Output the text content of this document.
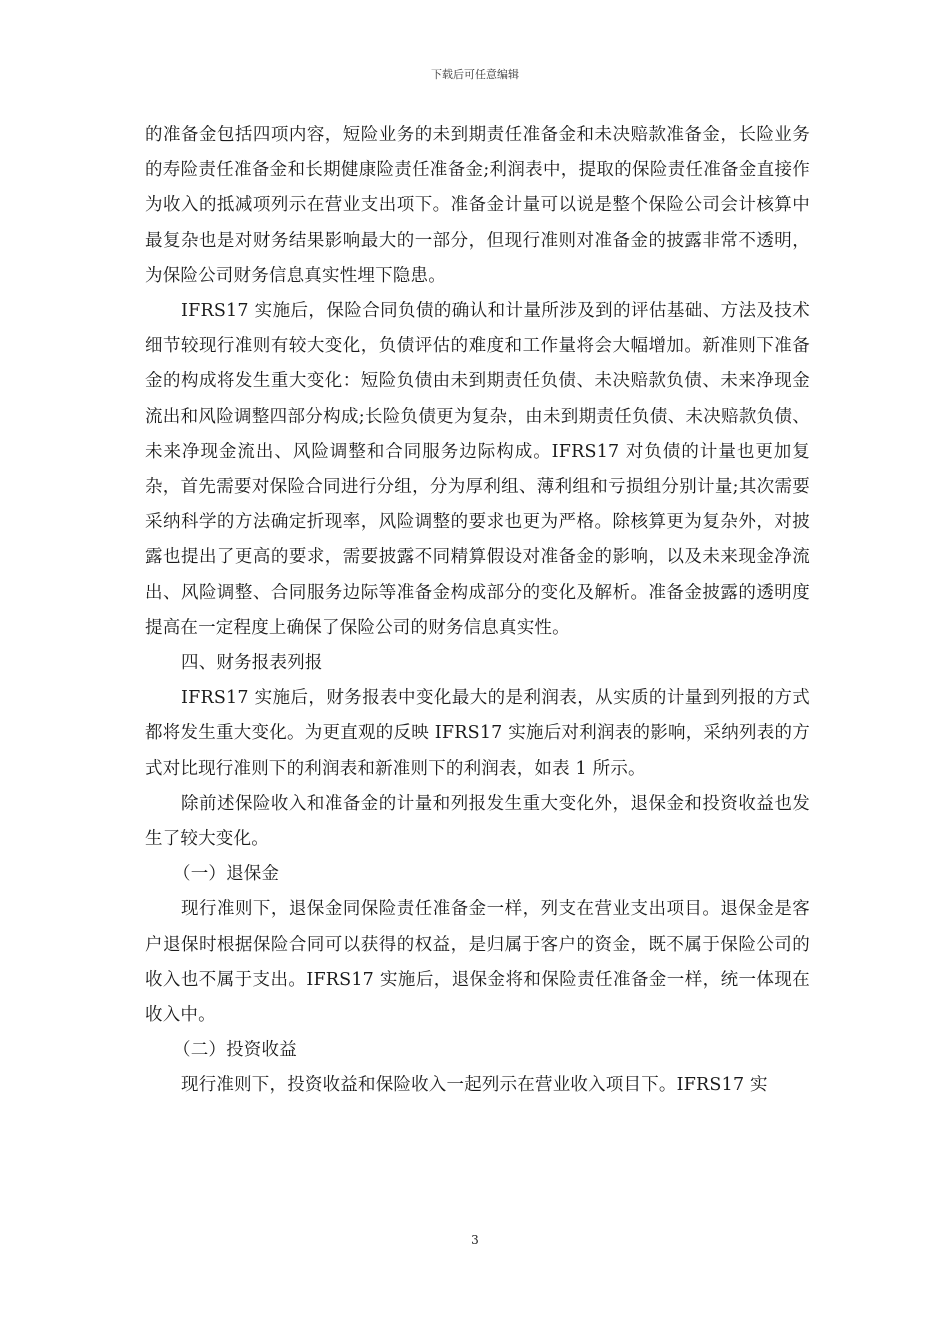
下载后可任意编辑

的准备金包括四项内容，短险业务的未到期责任准备金和未决赔款准备金，长险业务的寿险责任准备金和长期健康险责任准备金;利润表中，提取的保险责任准备金直接作为收入的抵减项列示在营业支出项下。准备金计量可以说是整个保险公司会计核算中最复杂也是对财务结果影响最大的一部分，但现行准则对准备金的披露非常不透明，为保险公司财务信息真实性埋下隐患。

IFRS17 实施后，保险合同负债的确认和计量所涉及到的评估基础、方法及技术细节较现行准则有较大变化，负债评估的难度和工作量将会大幅增加。新准则下准备金的构成将发生重大变化：短险负债由未到期责任负债、未决赔款负债、未来净现金流出和风险调整四部分构成;长险负债更为复杂，由未到期责任负债、未决赔款负债、未来净现金流出、风险调整和合同服务边际构成。IFRS17 对负债的计量也更加复杂，首先需要对保险合同进行分组，分为厚利组、薄利组和亏损组分别计量;其次需要采纳科学的方法确定折现率，风险调整的要求也更为严格。除核算更为复杂外，对披露也提出了更高的要求，需要披露不同精算假设对准备金的影响，以及未来现金净流出、风险调整、合同服务边际等准备金构成部分的变化及解析。准备金披露的透明度提高在一定程度上确保了保险公司的财务信息真实性。

四、财务报表列报

IFRS17 实施后，财务报表中变化最大的是利润表，从实质的计量到列报的方式都将发生重大变化。为更直观的反映 IFRS17 实施后对利润表的影响，采纳列表的方式对比现行准则下的利润表和新准则下的利润表，如表 1 所示。

除前述保险收入和准备金的计量和列报发生重大变化外，退保金和投资收益也发生了较大变化。

（一）退保金

现行准则下，退保金同保险责任准备金一样，列支在营业支出项目。退保金是客户退保时根据保险合同可以获得的权益，是归属于客户的资金，既不属于保险公司的收入也不属于支出。IFRS17 实施后，退保金将和保险责任准备金一样，统一体现在收入中。

（二）投资收益

现行准则下，投资收益和保险收入一起列示在营业收入项目下。IFRS17 实

3
